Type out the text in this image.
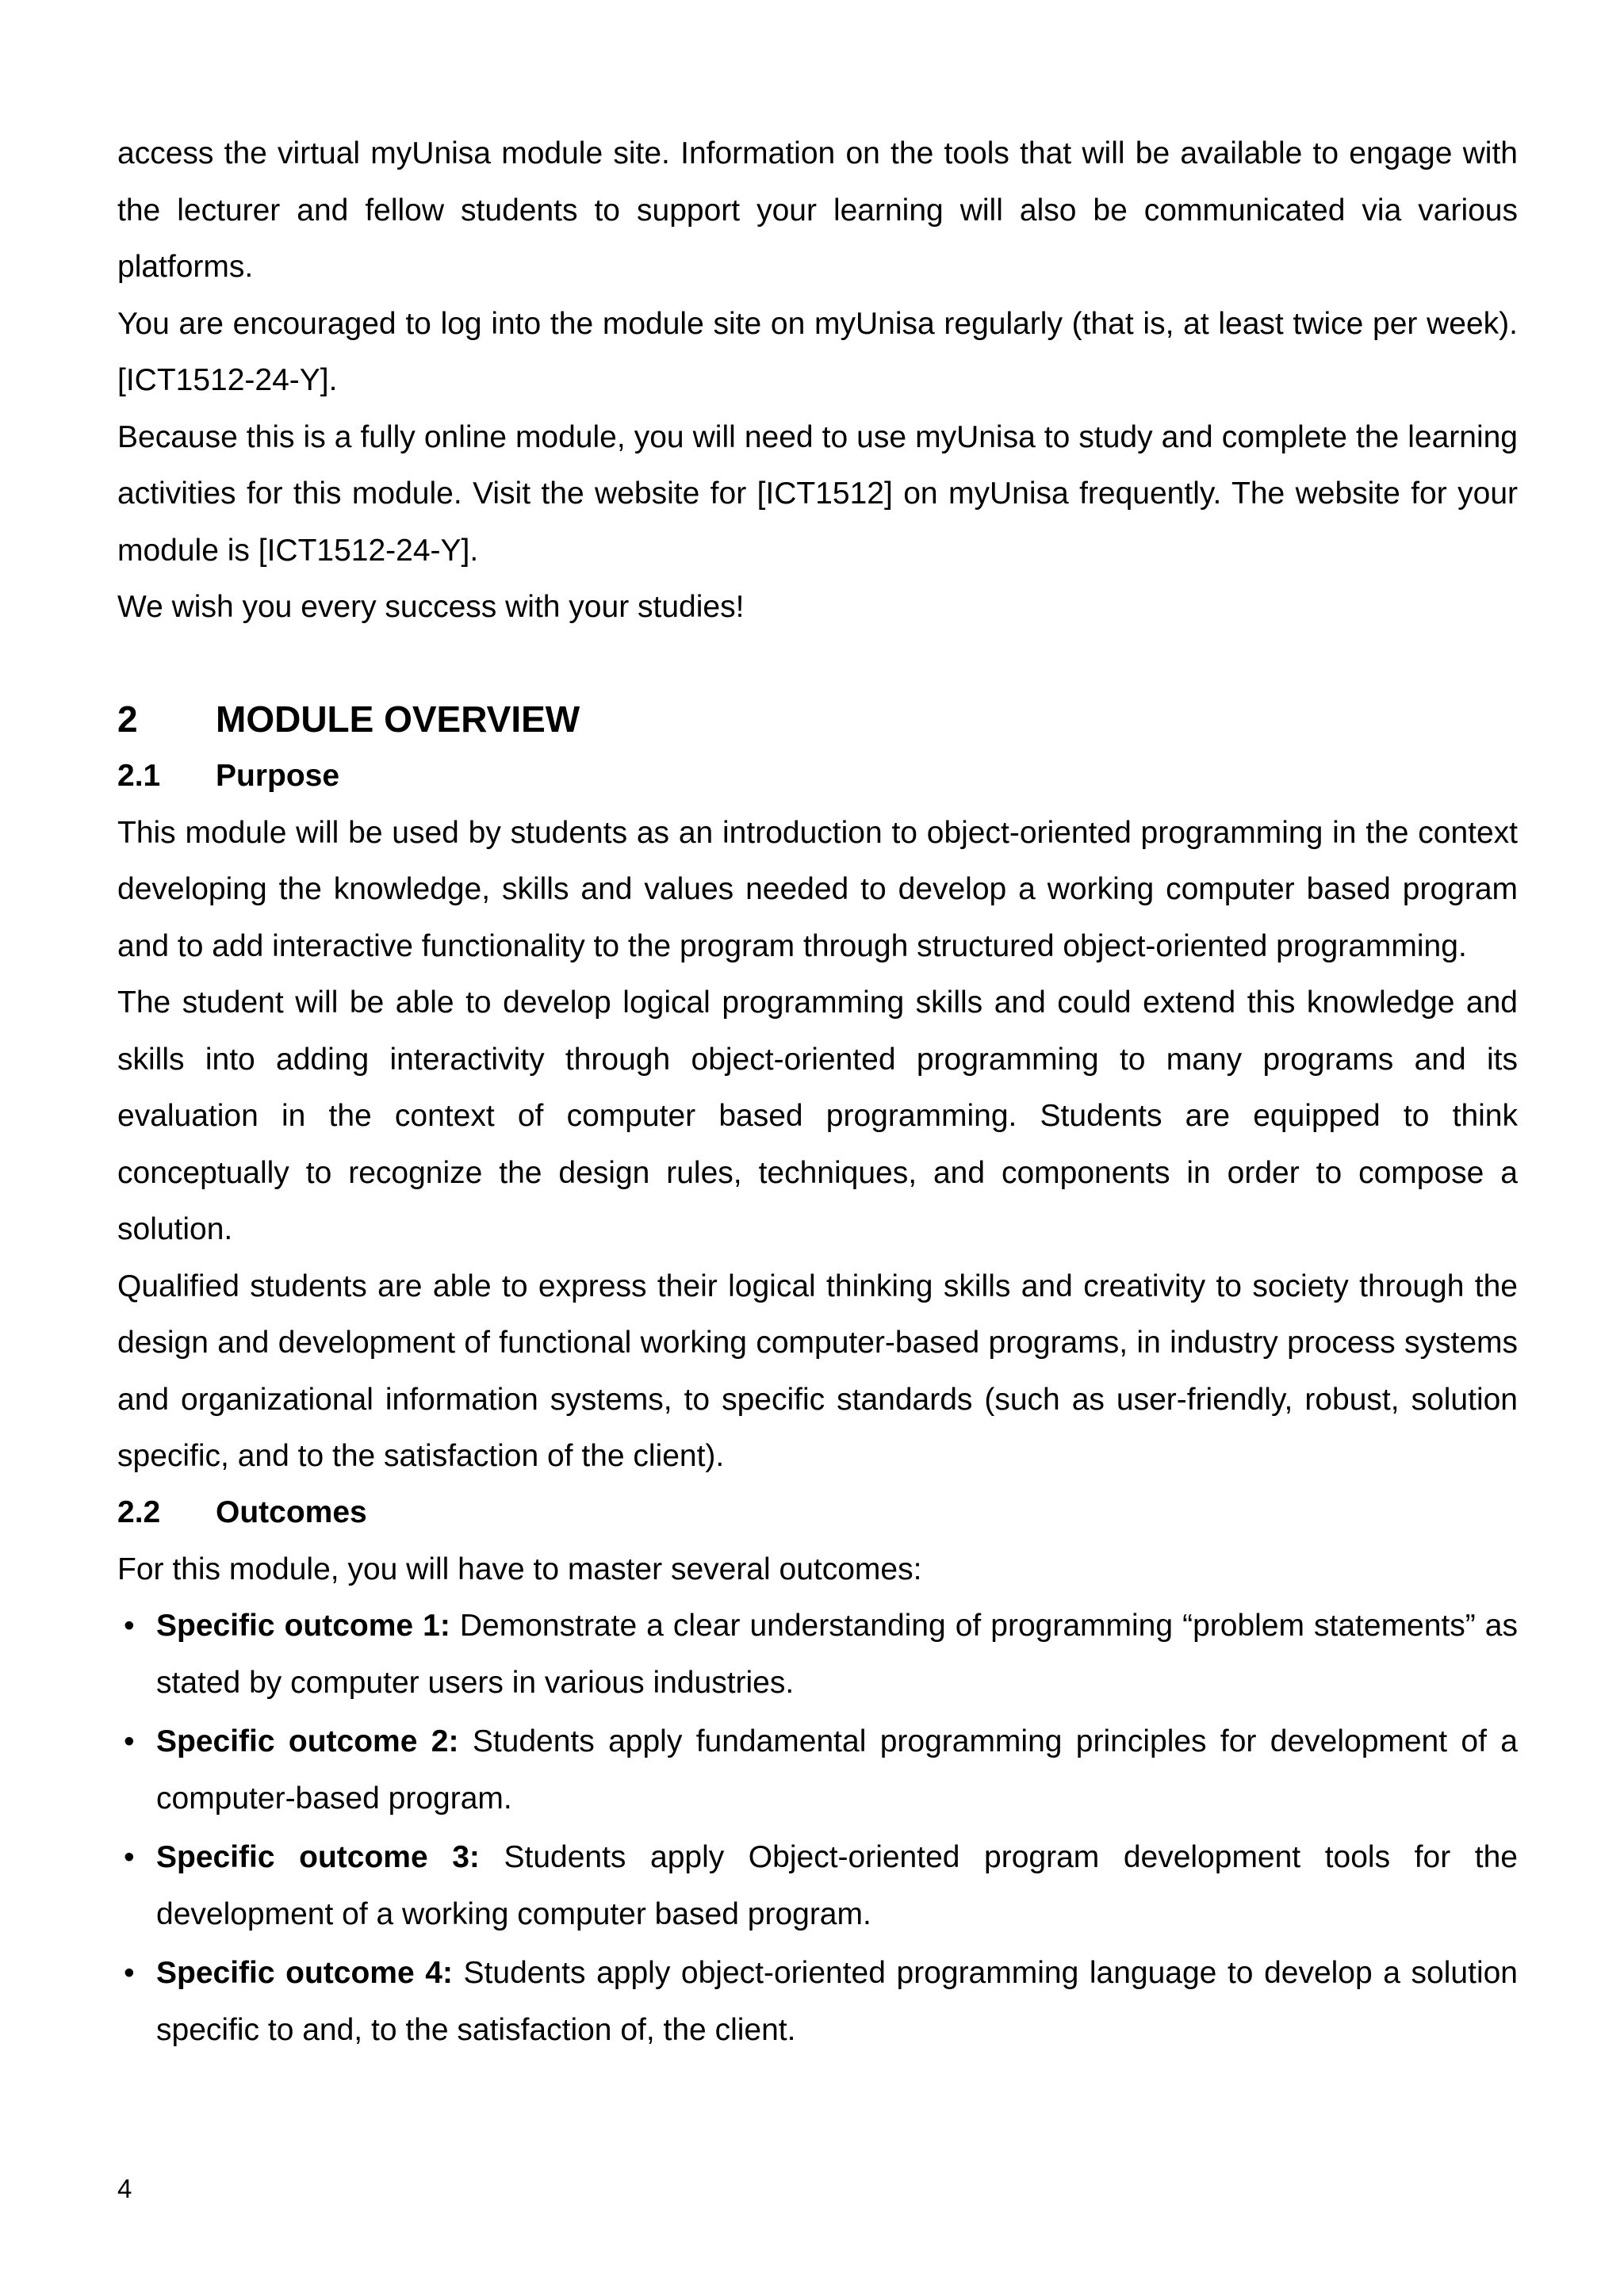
access the virtual myUnisa module site. Information on the tools that will be available to engage with the lecturer and fellow students to support your learning will also be communicated via various platforms.

You are encouraged to log into the module site on myUnisa regularly (that is, at least twice per week). [ICT1512-24-Y].

Because this is a fully online module, you will need to use myUnisa to study and complete the learning activities for this module. Visit the website for [ICT1512] on myUnisa frequently. The website for your module is [ICT1512-24-Y].

We wish you every success with your studies!

2	MODULE OVERVIEW
2.1	Purpose

This module will be used by students as an introduction to object-oriented programming in the context developing the knowledge, skills and values needed to develop a working computer based program and to add interactive functionality to the program through structured object-oriented programming.

The student will be able to develop logical programming skills and could extend this knowledge and skills into adding interactivity through object-oriented programming to many programs and its evaluation in the context of computer based programming. Students are equipped to think conceptually to recognize the design rules, techniques, and components in order to compose a solution.

Qualified students are able to express their logical thinking skills and creativity to society through the design and development of functional working computer-based programs, in industry process systems and organizational information systems, to specific standards (such as user-friendly, robust, solution specific, and to the satisfaction of the client).

2.2	Outcomes

For this module, you will have to master several outcomes:

• Specific outcome 1: Demonstrate a clear understanding of programming “problem statements” as stated by computer users in various industries.
• Specific outcome 2: Students apply fundamental programming principles for development of a computer-based program.
• Specific outcome 3: Students apply Object-oriented program development tools for the development of a working computer based program.
• Specific outcome 4: Students apply object-oriented programming language to develop a solution specific to and, to the satisfaction of, the client.
4
